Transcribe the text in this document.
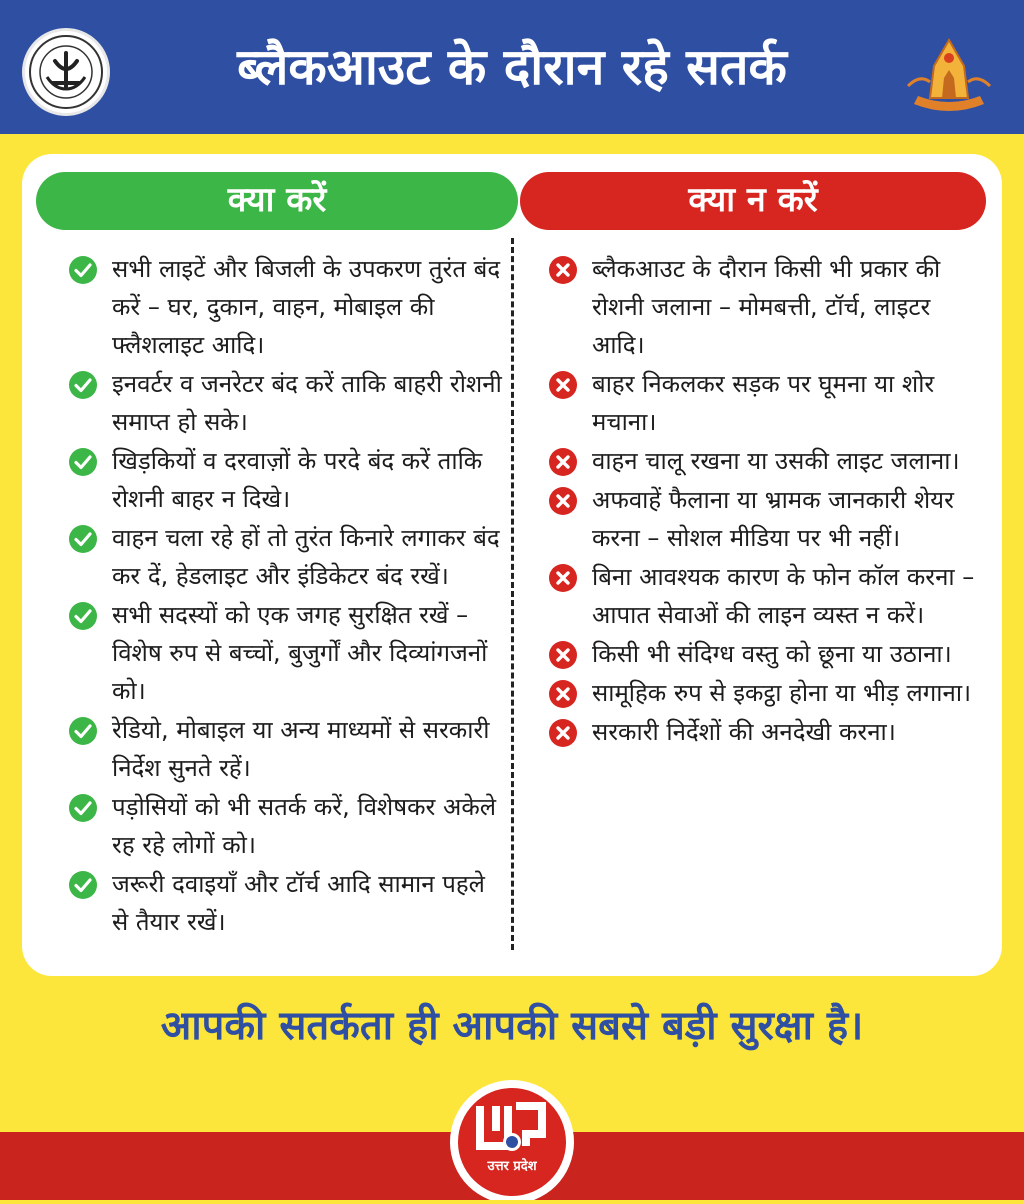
ब्लैकआउट के दौरान रहे सतर्क
क्या करें	क्या न करें
सभी लाइटें और बिजली के उपकरण तुरंत बंद करें – घर, दुकान, वाहन, मोबाइल की फ्लैशलाइट आदि।
इनवर्टर व जनरेटर बंद करें ताकि बाहरी रोशनी समाप्त हो सके।
खिड़कियों व दरवाज़ों के परदे बंद करें ताकि रोशनी बाहर न दिखे।
वाहन चला रहे हों तो तुरंत किनारे लगाकर बंद कर दें, हेडलाइट और इंडिकेटर बंद रखें।
सभी सदस्यों को एक जगह सुरक्षित रखें – विशेष रुप से बच्चों, बुजुर्गों और दिव्यांगजनों को।
रेडियो, मोबाइल या अन्य माध्यमों से सरकारी निर्देश सुनते रहें।
पड़ोसियों को भी सतर्क करें, विशेषकर अकेले रह रहे लोगों को।
जरूरी दवाइयाँ और टॉर्च आदि सामान पहले से तैयार रखें।
ब्लैकआउट के दौरान किसी भी प्रकार की रोशनी जलाना – मोमबत्ती, टॉर्च, लाइटर आदि।
बाहर निकलकर सड़क पर घूमना या शोर मचाना।
वाहन चालू रखना या उसकी लाइट जलाना।
अफवाहें फैलाना या भ्रामक जानकारी शेयर करना – सोशल मीडिया पर भी नहीं।
बिना आवश्यक कारण के फोन कॉल करना – आपात सेवाओं की लाइन व्यस्त न करें।
किसी भी संदिग्ध वस्तु को छूना या उठाना।
सामूहिक रुप से इकट्ठा होना या भीड़ लगाना।
सरकारी निर्देशों की अनदेखी करना।
आपकी सतर्कता ही आपकी सबसे बड़ी सुरक्षा है।
उत्तर प्रदेश
